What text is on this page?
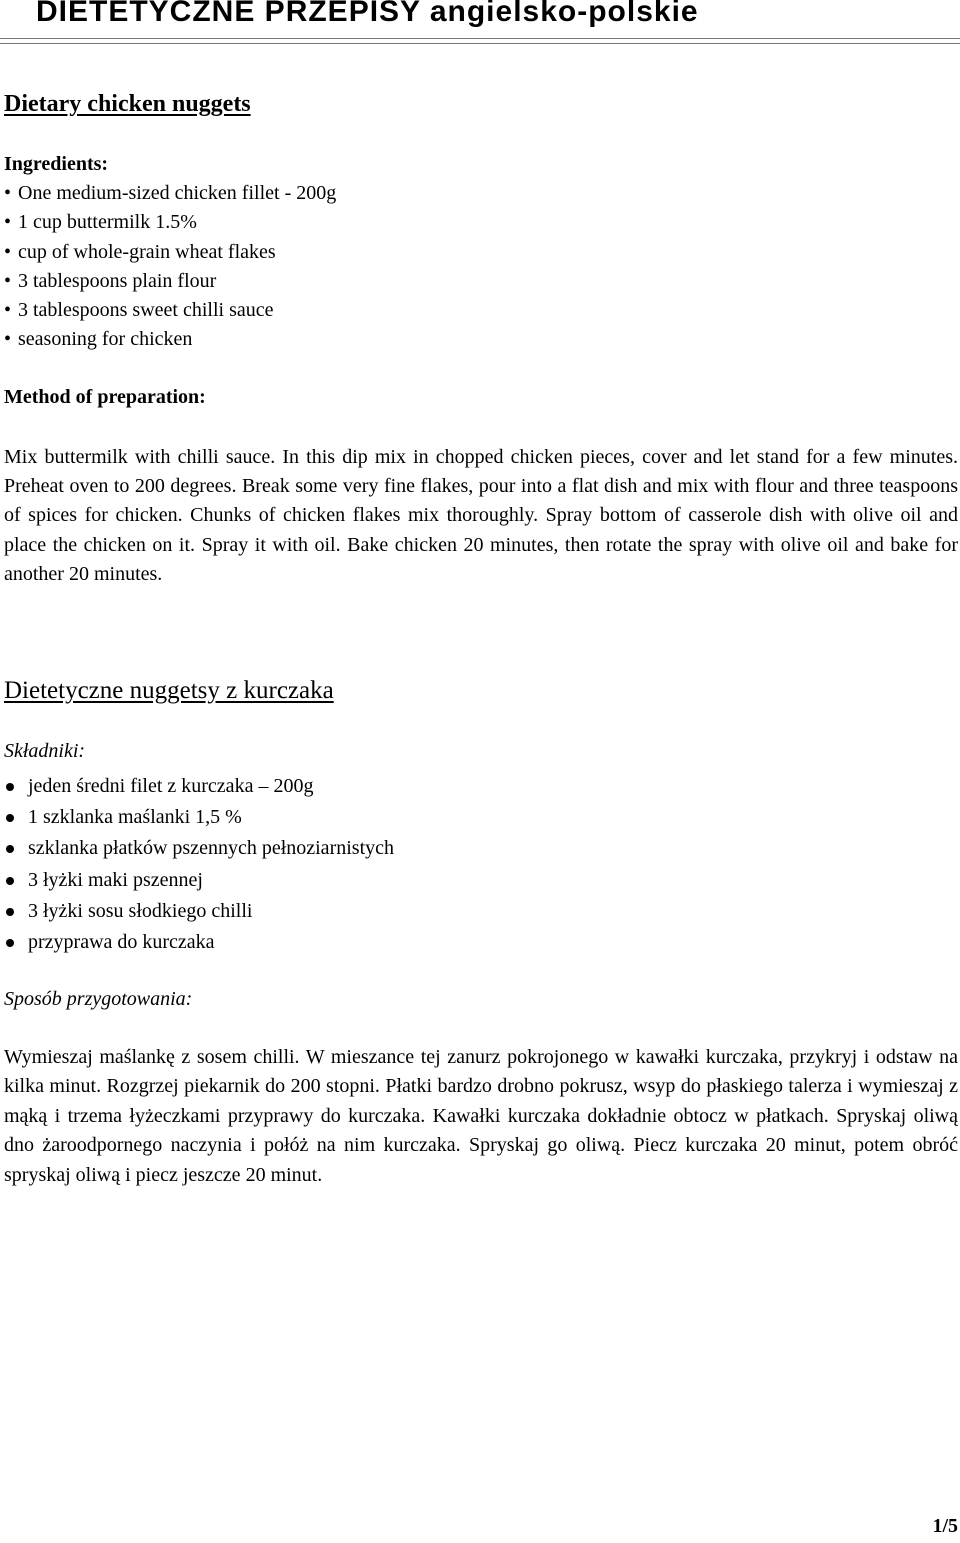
DIETETYCZNE PRZEPISY angielsko-polskie
Dietary chicken nuggets

Ingredients:

• One medium-sized chicken fillet - 200g
• 1 cup buttermilk 1.5%
• cup of whole-grain wheat flakes
• 3 tablespoons plain flour
• 3 tablespoons sweet chilli sauce
• seasoning for chicken

Method of preparation:

Mix buttermilk with chilli sauce. In this dip mix in chopped chicken pieces, cover and let stand for a few minutes. Preheat oven to 200 degrees. Break some very fine flakes, pour into a flat dish and mix with flour and three teaspoons of spices for chicken. Chunks of chicken flakes mix thoroughly. Spray bottom of casserole dish with olive oil and place the chicken on it. Spray it with oil. Bake chicken 20 minutes, then rotate the spray with olive oil and bake for another 20 minutes.

Dietetyczne nuggetsy z kurczaka

Składniki:

jeden średni filet z kurczaka – 200g
1 szklanka maślanki 1,5 %
szklanka płatków pszennych pełnoziarnistych
3 łyżki maki pszennej
3 łyżki sosu słodkiego chilli
przyprawa do kurczaka

Sposób przygotowania:

Wymieszaj maślankę z sosem chilli. W mieszance tej zanurz pokrojonego w kawałki kurczaka, przykryj i odstaw na kilka minut. Rozgrzej piekarnik do 200 stopni. Płatki bardzo drobno pokrusz, wsyp do płaskiego talerza i wymieszaj z mąką i trzema łyżeczkami przyprawy do kurczaka. Kawałki kurczaka dokładnie obtocz w płatkach. Spryskaj oliwą dno żaroodpornego naczynia i połóż na nim kurczaka. Spryskaj go oliwą. Piecz kurczaka 20 minut, potem obróć spryskaj oliwą i piecz jeszcze 20 minut.

1/5
